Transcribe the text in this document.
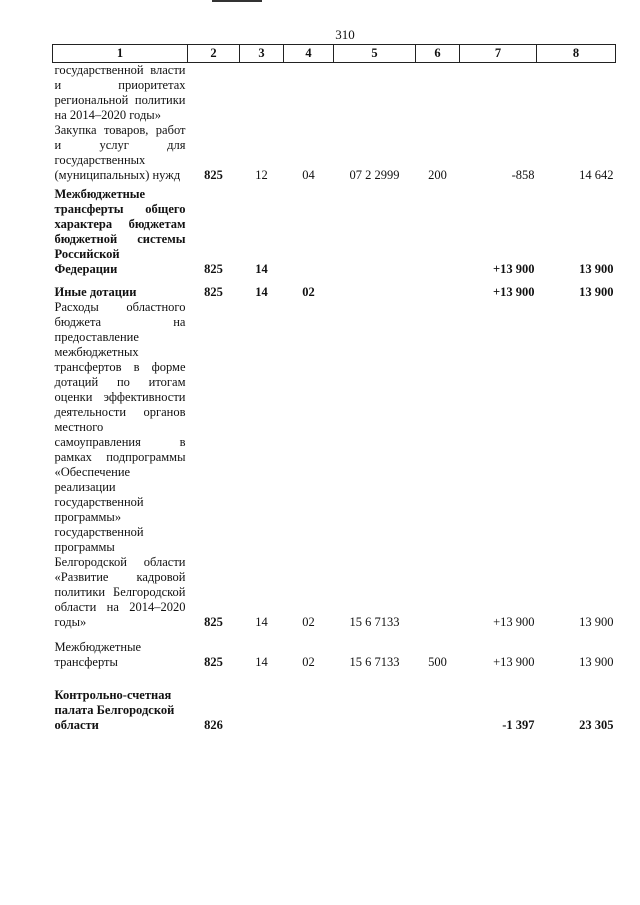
310
1	2	3	4	5	6	7	8
государственной власти и приоритетах региональной политики на 2014–2020 годы»							
Закупка товаров, работ и услуг для государственных (муниципальных) нужд	825	12	04	07 2 2999	200	-858	14 642
Межбюджетные трансферты общего характера бюджетам бюджетной системы Российской Федерации	825	14				+13 900	13 900
Иные дотации	825	14	02			+13 900	13 900
Расходы областного бюджета на предоставление межбюджетных трансфертов в форме дотаций по итогам оценки эффективности деятельности органов местного самоуправления в рамках подпрограммы «Обеспечение реализации государственной программы» государственной программы Белгородской области «Развитие кадровой политики Белгородской области на 2014–2020 годы»	825	14	02	15 6 7133		+13 900	13 900
Межбюджетные трансферты	825	14	02	15 6 7133	500	+13 900	13 900
Контрольно-счетная палата Белгородской области	826					-1 397	23 305
